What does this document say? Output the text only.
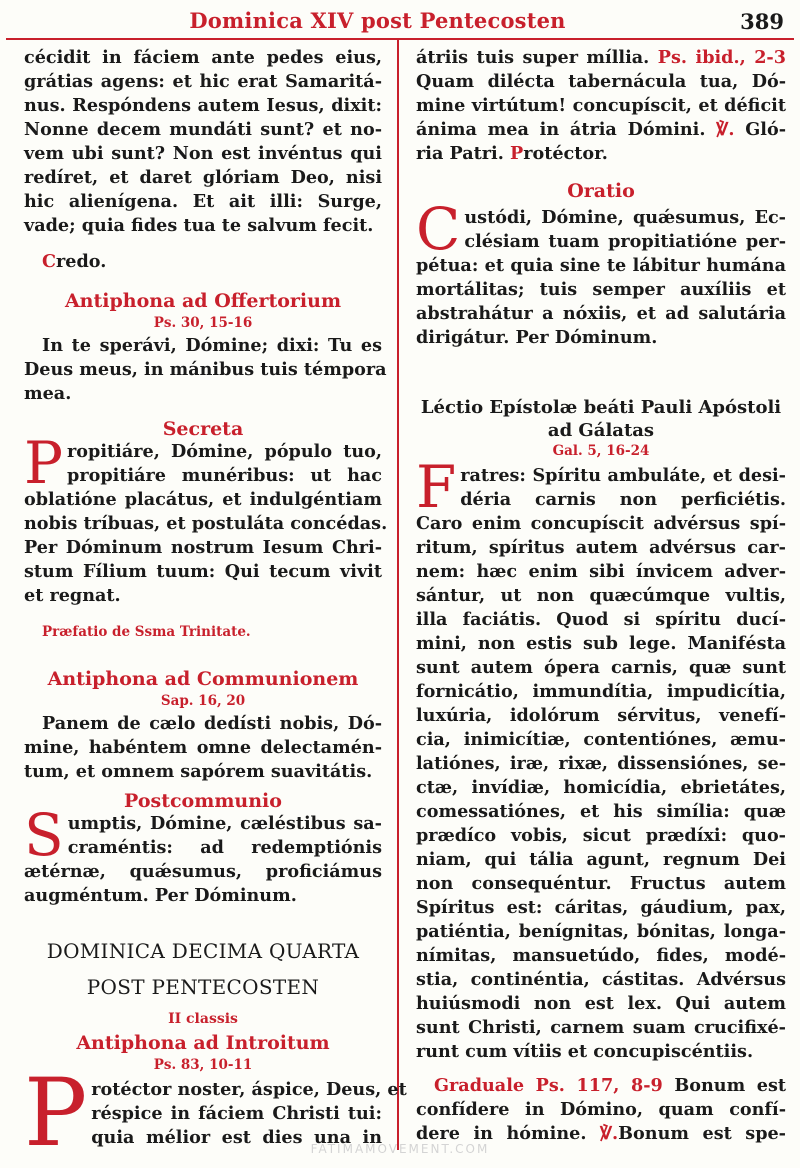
Dominica XIV post Pentecosten	389
cécidit in fáciem ante pedes eius,
grátias agens: et hic erat Samaritá-
nus. Respóndens autem Iesus, dixit:
Nonne decem mundáti sunt? et no-
vem ubi sunt? Non est invéntus qui
redíret, et daret glóriam Deo, nisi
hic alienígena. Et ait illi: Surge,
vade; quia fides tua te salvum fecit.
Credo.
Antiphona ad Offertorium
Ps. 30, 15-16
In te sperávi, Dómine; dixi: Tu es
Deus meus, in mánibus tuis témpora
mea.
Secreta
P ropitiáre, Dómine, pópulo tuo,
propitiáre munéribus: ut hac
oblatióne placátus, et indulgéntiam
nobis tríbuas, et postuláta concédas.
Per Dóminum nostrum Iesum Chri-
stum Fílium tuum: Qui tecum vivit
et regnat.
Præfatio de Ssma Trinitate.
Antiphona ad Communionem
Sap. 16, 20
Panem de cælo dedísti nobis, Dó-
mine, habéntem omne delectamén-
tum, et omnem sapórem suavitátis.
Postcommunio
S umptis, Dómine, cæléstibus sa-
craméntis: ad redemptiónis
ætérnæ, quǽsumus, proficiámus
augméntum. Per Dóminum.
DOMINICA DECIMA QUARTA
POST PENTECOSTEN
II classis
Antiphona ad Introitum
Ps. 83, 10-11
P rotéctor noster, áspice, Deus, et
réspice in fáciem Christi tui:
quia mélior est dies una in
átriis tuis super míllia. Ps. ibid., 2-3
Quam diléctа tabernácula tua, Dó-
mine virtútum! concupíscit, et déficit
ánima mea in átria Dómini. ℣. Gló-
ria Patri. Protéctor.
Oratio
C ustódi, Dómine, quǽsumus, Ec-
clésiam tuam propitiatióne per-
pétua: et quia sine te lábitur humána
mortálitas; tuis semper auxíliis et
abstrahátur a nóxiis, et ad salutária
dirigátur. Per Dóminum.
Léctio Epístolæ beáti Pauli Apóstoli
ad Gálatas
Gal. 5, 16-24
F ratres: Spíritu ambuláte, et desi-
déria carnis non perficiétis.
Caro enim concupíscit advérsus spí-
ritum, spíritus autem advérsus car-
nem: hæc enim sibi ínvicem adver-
sántur, ut non quæcúmque vultis,
illa faciátis. Quod si spíritu ducí-
mini, non estis sub lege. Manifésta
sunt autem ópera carnis, quæ sunt
fornicátio, immundítia, impudicítia,
luxúria, idolórum sérvitus, venefí-
cia, inimicítiæ, contentiónes, æmu-
latiónes, iræ, rixæ, dissensiónes, se-
ctæ, invídiæ, homicídia, ebrietátes,
comessatiónes, et his simília: quæ
prædíco vobis, sicut prædíxi: quo-
niam, qui tália agunt, regnum Dei
non consequéntur. Fructus autem
Spíritus est: cáritas, gáudium, pax,
patiéntia, benígnitas, bónitas, longa-
nímitas, mansuetúdo, fides, modé-
stia, continéntia, cástitas. Advérsus
huiúsmodi non est lex. Qui autem
sunt Christi, carnem suam crucifixé-
runt cum vítiis et concupiscéntiis.
Graduale Ps. 117, 8-9 Bonum est
confídere in Dómino, quam confí-
dere in hómine. ℣.Bonum est spe-
FATIMAMOVEMENT.COM
